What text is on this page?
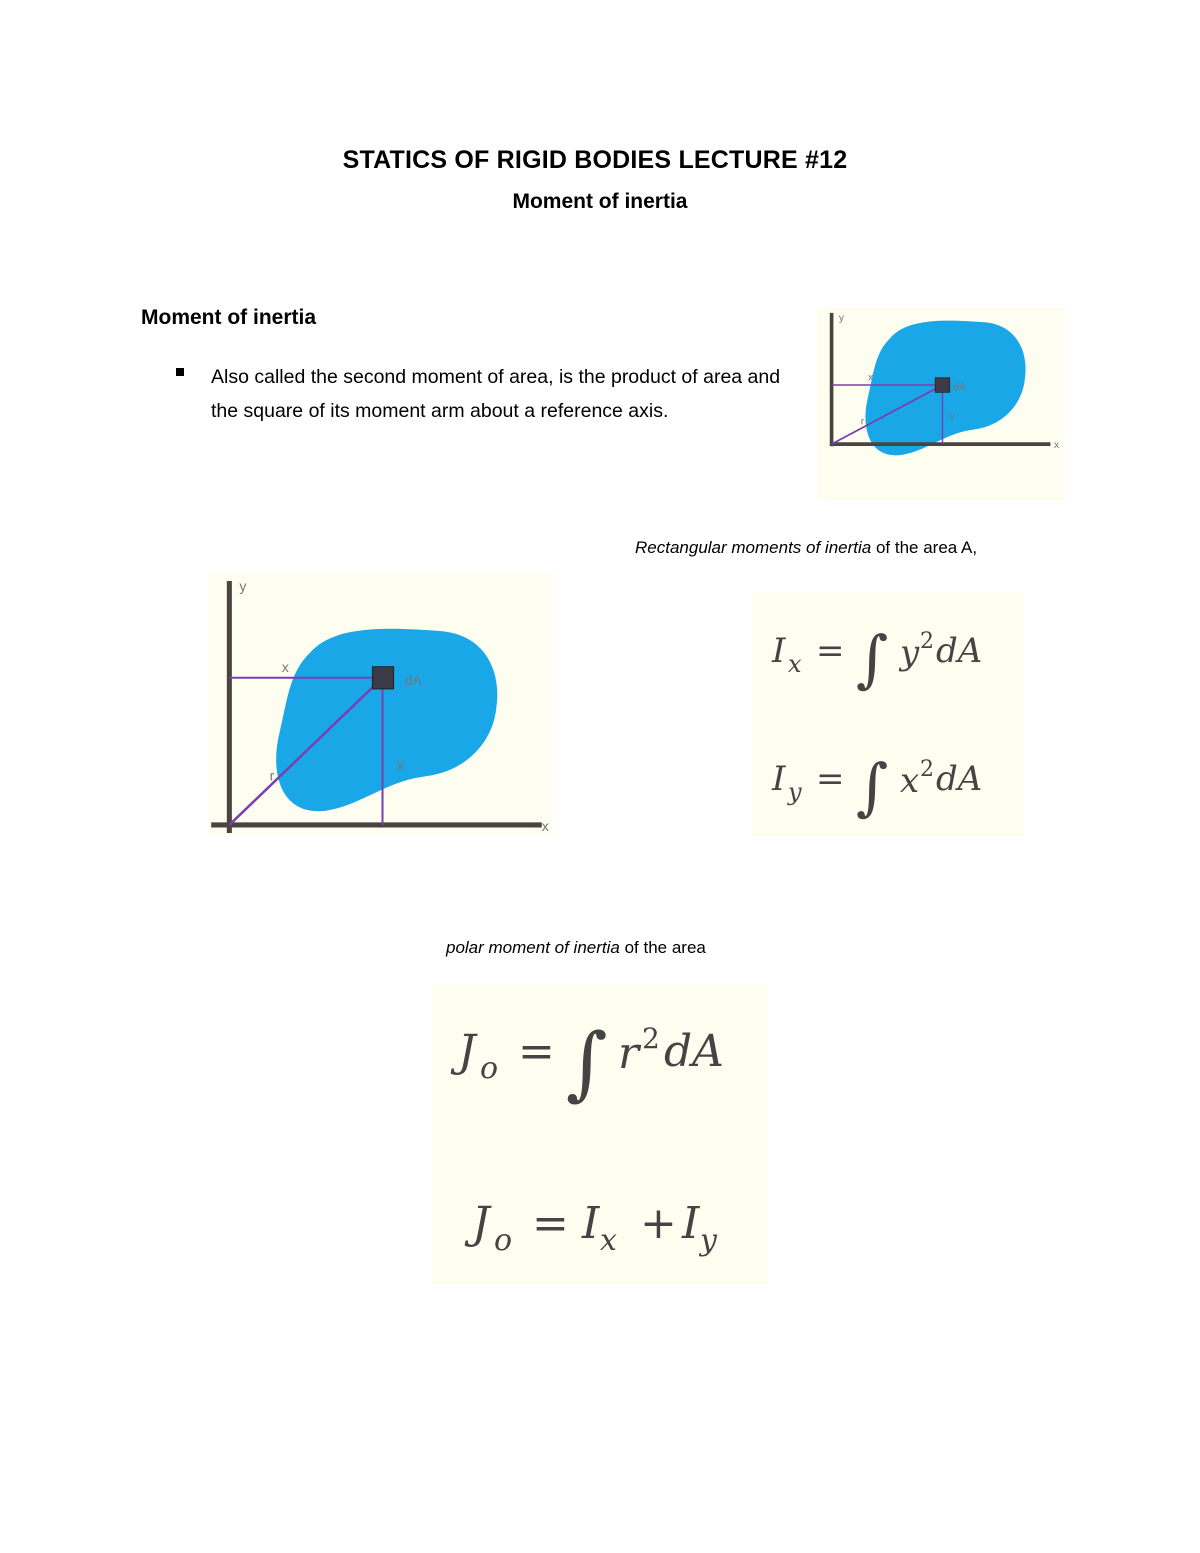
STATICS OF RIGID BODIES LECTURE #12
Moment of inertia
Moment of inertia
Also called the second moment of area, is the product of area and the square of its moment arm about a reference axis.
y
x
x
dA
y
r
Rectangular moments of inertia of the area A,
y
x
x
dA
y
r
I x = ∫ y 2 dA
I y = ∫ x 2 dA
polar moment of inertia of the area
J o = ∫ r 2 dA
J o = I x + I y
